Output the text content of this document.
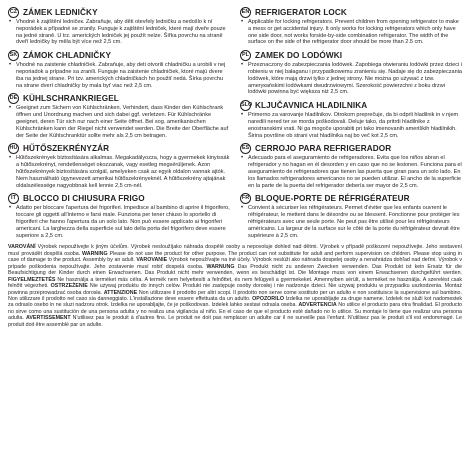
CZ ZÁMEK LEDNIČKY
• Vhodné k zajištění ledničeк. Zabraňuje, aby děti otevřely ledničku a nedošlo k ní neporádek a případné se zranily. Funguje k zajištění ledniček, které mají dveře pouze na jedné straně. U trz. amerických ledniček jej použít nelze. Šířka povrchu na straně dveří ledničky by měla být více než 2,5 cm.
SK ZÁMOK CHLADNIČKY
• Vhodné na zaistenie chladničiek. Zabraňuje, aby deti otvorili chladničku a urobili v nej neporiadok a prípadne sa zranili. Funguje na zaistenie chladničiek, ktoré majú dvere iba na jednej strane. Pri tzv. amerických chladničkách ho použiť nedá. Šírka povrchu na strane dverí chladničky by mala byť viac než 2,5 cm.
DE KÜHLSCHRANKRIEGEL
• Geeignet zum Sichern von Kühlschränken. Verhindert, dass Kinder den Kühlschrank öffnen und Unordnung machen und sich dabei ggf. verletzen. Für Kühlschränke geeignet, deren Tür sich nur nach einer Seite öffnet. Bei sog. amerikanischen Kühlschränken kann der Riegel nicht verwendet werden. Die Breite der Oberfläche auf der Seite der Kühlschranktür sollte mehr als 2,5 cm betragen.
HU HŰTŐSZEKRÉNYZÁR
• Hűtőszekrények biztosítására alkalmas. Megakadályozza, hogy a gyermekek kinyissák a hűtőszekrényt, rendetlenséget okozzanak, vagy esetleg megsérüljenek. Azon hűtőszekrények biztosítására szolgál, amelyeken csak az egyik oldalon vannak ajtók. Nem használható úgynevezett amerikai hűtőszekrényeknél. A hűtőszekrény ajtajának oldalszélessége nagyobbnak kell lennie 2,5 cm-nél.
IT BLOCCO DI CHIUSURA FRIGO
• Adatto per bloccare l'apertura dei frigoriferi. Impedisce al bambino di aprire il frigorifero, toccare gli oggetti all'interno e farsi male. Funziona per tener chiuso lo sportello di frigoriferi che hanno l'apertura da un solo lato. Non può essere applicato ai frigoriferi americani. La larghezza della superficie sul lato della porta del frigorifero deve essere superiore a 2,5 cm.
EN REFRIGERATOR LOCK
• Applicable for locking refrigerators. Prevent children from opening refrigerator to make a mess or get accidental injury. It only works for locking refrigerators which only have one side door, not works forside-by-side combination refrigerator. The width of the surface on the side of the refrigerator door should be more than 2.5 cm.
PL ZAMEK DO LODÓWKI
• Przeznaczony do zabezpieczania lodówek. Zapobiega otwieraniu lodówki przez dzieci i robieniu w niej bałaganu i przypadkowemu zranieniu się. Nadaje się do zabezpieczania lodówek, które mają drzwi tylko z jednej strony. Nie można go używać z tzw. ameryкańskimi lodówkami dwudrzwiowymi. Szerokość powierzchni z boku drzwi lodówki powinna być większa niż 2,5 cm.
SLO KLJUČAVNICA HLADILNIKA
• Primerno za varovanje hladilnikov. Otrokom preprečuje, da bi odprli hladilnik in v njem naredili nered ter se morda poškodovali. Deluje tako, da pritrdi hladilnike z enostranskimi vrati. Ni ga mogoče uporabiti pri tako imenovanih ameriških hladilnikih. Širina površine ob strani vrat hladilnika naj bo več kot 2,5 cm.
ES CERROJO PARA REFRIGERADOR
• Adecuado para el aseguramiento de refrigeradores. Evita que los niños abran el refrigerador y no hagan en él desorden y en caso que no se lesionen. Funciona para el aseguramiento de refrigeradores que tienen las puerta que giran para un solo lado. En los llamados refrigeradores americanos no se pueden utilizar. El ancho de la superficie en la parte de la puerta del refrigerador debería ser mayor de 2,5 cm.
FR BLOQUE-PORTE DE RÉFRIGÉRATEUR
• Convient à sécuriser les réfrigérateurs. Permet d'éviter que les enfants ouvrent le réfrigérateur, le mettent dans le désordre ou se blessent. Fonctionne pour protéger les réfrigérateurs avec une seule porte. Ne peut pas être utilisé pour les réfrigérateurs américains. La largeur de la surface sur le côté de la porte du réfrigérateur devrait être supérieure à 2,5 cm.
VAROVÁNÍ Výrobek nepoužívejte k jiným účelům. Výrobek nesloužíjako náhrada dospělé osoby a nepovoluje dohled nad dětmi. Výrobek v případě poškození nepoužívejte. Jeho sestavení musí provádět dospělá osoba. WARNING Please do not use the product for other purpose. The product can not substitute for adult and perform supervision on children. Please stop using in case of damage to the product. Assembly by an adult. VAROVANIE Výrobok nepoužívajte na iné účely. Výrobok neslúži ako náhrada dospelej osoby a nenahrádza dohľad nad deťmi. Výrobok v prípade poškodenia nepoužívajte. Jeho zostavenie musí robiť dospelá osoba. WARNUNG Das Produkt nicht zu anderen Zwecken verwenden. Das Produkt ist kein Ersatz für die Beaufsichtigung der Kinder durch einen Erwachsenen. Das Produkt nicht mehr verwenden, wenn es beschädigt ist. Die Montage muss von einem Erwachsenen durchgeführt werden. FIGYELMEZTETÉS Ne használja a terméket más célra. A termék nem helyettesíti a felnőttet, és nem felügyeli a gyermekeket. Amennyiben sérült, a terméket ne használja. A szerelést csak felnőtt végezheti. OSTRZEŻENIE Nie używaj produktu do innych celów. Produkt nie zastępuje osoby dorosłej i nie nadzoruje dzieci. Nie używaj produktu w przypadku uszkodzenia. Montaż powinna przeprowadzać osoba dorosła. ATTENZIONE Non utilizzare il prodotto per altri scopi. Il prodotto non serve come sostituto per un adulto e non sostituisce la supervisione sul bambino. Non utilizzare il prodotto nel caso sia danneggiato. L'installazione deve essere effettuata da un adulto. OPOZORILO Izdelka ne uporabljajte za druge namene. Izdelek ne služi kot nadomestek za odraslo osebo in ne sluzi nadzoru otrok. Izdelka ne uporabljajte, če je poškodovan. Izdelek lahko sestavi odrasla oseba. ADVERTENCIA No utilice el producto para otra finalidad. El producto no sirve como una sustitución de una persona adulta y no realiza una vigilancia al niño. En el caso de que el producto esté dañado no lo utilice. Su montaje lo tiene que realizar una persona adulta. AVERTISSEMENT N'utilisez pas le produit à d'autres fins. Le produit ne doit pas remplacer un adulte car il ne surveille pas l'enfant. N'utilisez pas le produit s'il est endommagé. Le produit doit être assemblé par un adulte.
